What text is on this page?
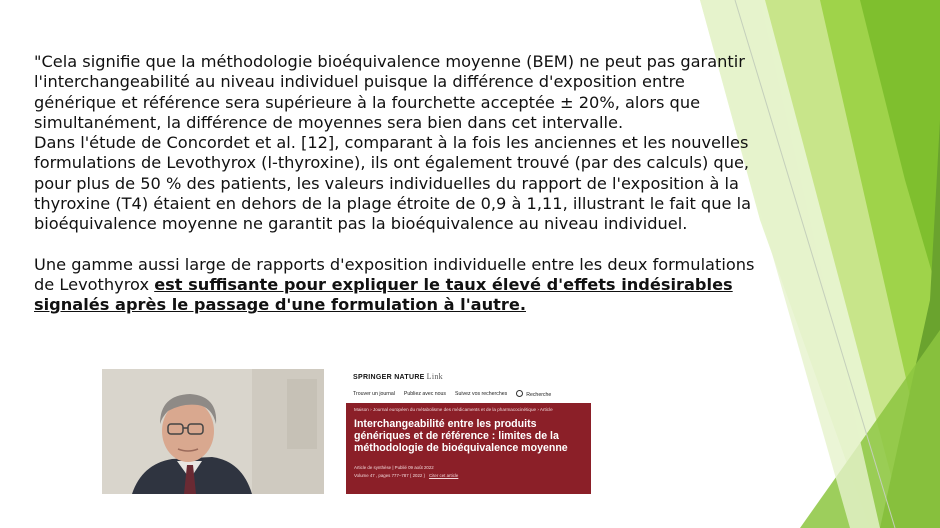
"Cela signifie que la méthodologie bioéquivalence moyenne (BEM) ne peut pas garantir l'interchangeabilité au niveau individuel puisque la différence d'exposition entre générique et référence sera supérieure à la fourchette acceptée ± 20%, alors que simultanément, la différence de moyennes sera bien dans cet intervalle.

Dans l'étude de Concordet et al. [12], comparant à la fois les anciennes et les nouvelles formulations de Levothyrox (l-thyroxine), ils ont également trouvé (par des calculs) que, pour plus de 50 % des patients, les valeurs individuelles du rapport de l'exposition à la thyroxine (T4) étaient en dehors de la plage étroite de 0,9 à 1,11, illustrant le fait que la bioéquivalence moyenne ne garantit pas la bioéquivalence au niveau individuel.

Une gamme aussi large de rapports d'exposition individuelle entre les deux formulations de Levothyrox est suffisante pour expliquer le taux élevé d'effets indésirables signalés après le passage d'une formulation à l'autre.

SPRINGER NATURE Link
Trouver un journal Publiez avec nous Suivez vos recherches	Recherche
Maison › Journal européen du métabolisme des médicaments et de la pharmacocinétique › Article
Interchangeabilité entre les produits génériques et de référence : limites de la méthodologie de bioéquivalence moyenne
Article de synthèse | Publié 09 août 2022
Volume 47 , pages 777–787 ( 2022 ) Citer cet article
